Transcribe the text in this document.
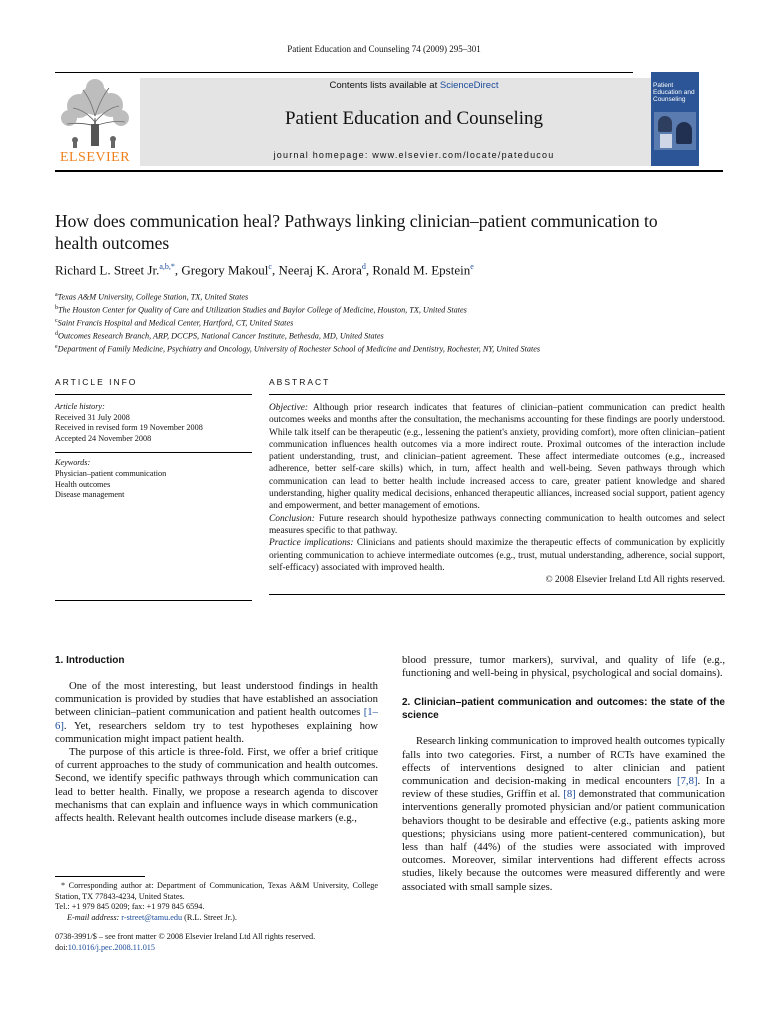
Patient Education and Counseling 74 (2009) 295–301
ELSEVIER
Contents lists available at ScienceDirect
Patient Education and Counseling
journal homepage: www.elsevier.com/locate/pateducou
Patient Education and Counseling
How does communication heal? Pathways linking clinician–patient communication to health outcomes
Richard L. Street Jr.$^{a,b,*}$, Gregory Makoul$^c$, Neeraj K. Arora$^d$, Ronald M. Epstein$^e$
$^a$Texas A&M University, College Station, TX, United States
$^b$The Houston Center for Quality of Care and Utilization Studies and Baylor College of Medicine, Houston, TX, United States
$^c$Saint Francis Hospital and Medical Center, Hartford, CT, United States
$^d$Outcomes Research Branch, ARP, DCCPS, National Cancer Institute, Bethesda, MD, United States
$^e$Department of Family Medicine, Psychiatry and Oncology, University of Rochester School of Medicine and Dentistry, Rochester, NY, United States
ARTICLE INFO
Article history:
Received 31 July 2008
Received in revised form 19 November 2008
Accepted 24 November 2008
Keywords:
Physician–patient communication
Health outcomes
Disease management
ABSTRACT
Objective: Although prior research indicates that features of clinician–patient communication can predict health outcomes weeks and months after the consultation, the mechanisms accounting for these findings are poorly understood. While talk itself can be therapeutic (e.g., lessening the patient's anxiety, providing comfort), more often clinician–patient communication influences health outcomes via a more indirect route. Proximal outcomes of the interaction include patient understanding, trust, and clinician–patient agreement. These affect intermediate outcomes (e.g., increased adherence, better self-care skills) which, in turn, affect health and well-being. Seven pathways through which communication can lead to better health include increased access to care, greater patient knowledge and shared understanding, higher quality medical decisions, enhanced therapeutic alliances, increased social support, patient agency and empowerment, and better management of emotions.
Conclusion: Future research should hypothesize pathways connecting communication to health outcomes and select measures specific to that pathway.
Practice implications: Clinicians and patients should maximize the therapeutic effects of communication by explicitly orienting communication to achieve intermediate outcomes (e.g., trust, mutual understanding, adherence, social support, self-efficacy) associated with improved health.
© 2008 Elsevier Ireland Ltd All rights reserved.
1. Introduction

One of the most interesting, but least understood findings in health communication is provided by studies that have established an association between clinician–patient communication and patient health outcomes [1–6]. Yet, researchers seldom try to test hypotheses explaining how communication might impact patient health.

The purpose of this article is three-fold. First, we offer a brief critique of current approaches to the study of communication and health outcomes. Second, we identify specific pathways through which communication can lead to better health. Finally, we propose a research agenda to discover mechanisms that can explain and influence ways in which communication affects health. Relevant health outcomes include disease markers (e.g.,

* Corresponding author at: Department of Communication, Texas A&M University, College Station, TX 77843-4234, United States.
Tel.: +1 979 845 0209; fax: +1 979 845 6594.
E-mail address: r-street@tamu.edu (R.L. Street Jr.).
0738-3991/$ – see front matter © 2008 Elsevier Ireland Ltd All rights reserved.
doi:10.1016/j.pec.2008.11.015

blood pressure, tumor markers), survival, and quality of life (e.g., functioning and well-being in physical, psychological and social domains).

2. Clinician–patient communication and outcomes: the state of the science

Research linking communication to improved health outcomes typically falls into two categories. First, a number of RCTs have examined the effects of interventions designed to alter clinician and patient communication and decision-making in medical encounters [7,8]. In a review of these studies, Griffin et al. [8] demonstrated that communication interventions generally promoted physician and/or patient communication behaviors thought to be desirable and effective (e.g., patients asking more questions; physicians using more patient-centered communication), but less than half (44%) of the studies were associated with improved outcomes. Moreover, similar interventions had different effects across studies, likely because the outcomes were measured differently and were associated with small sample sizes.
